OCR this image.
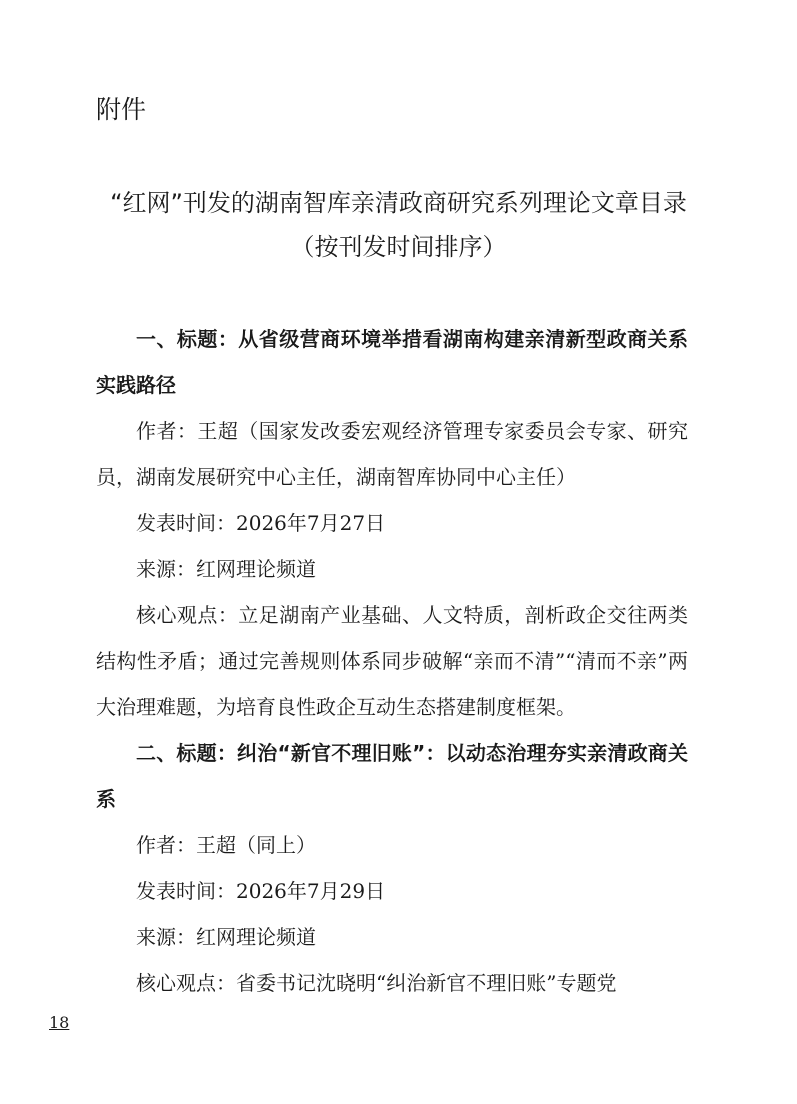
附件
“红网”刊发的湖南智库亲清政商研究系列理论文章目录
（按刊发时间排序）

一、标题：从省级营商环境举措看湖南构建亲清新型政商关系实践路径

作者：王超（国家发改委宏观经济管理专家委员会专家、研究员，湖南发展研究中心主任，湖南智库协同中心主任）

发表时间：2026年7月27日

来源：红网理论频道

核心观点：立足湖南产业基础、人文特质，剖析政企交往两类结构性矛盾；通过完善规则体系同步破解“亲而不清”“清而不亲”两大治理难题，为培育良性政企互动生态搭建制度框架。

二、标题：纠治“新官不理旧账”：以动态治理夯实亲清政商关系

作者：王超（同上）

发表时间：2026年7月29日

来源：红网理论频道

核心观点：省委书记沈晓明“纠治新官不理旧账”专题党

18
